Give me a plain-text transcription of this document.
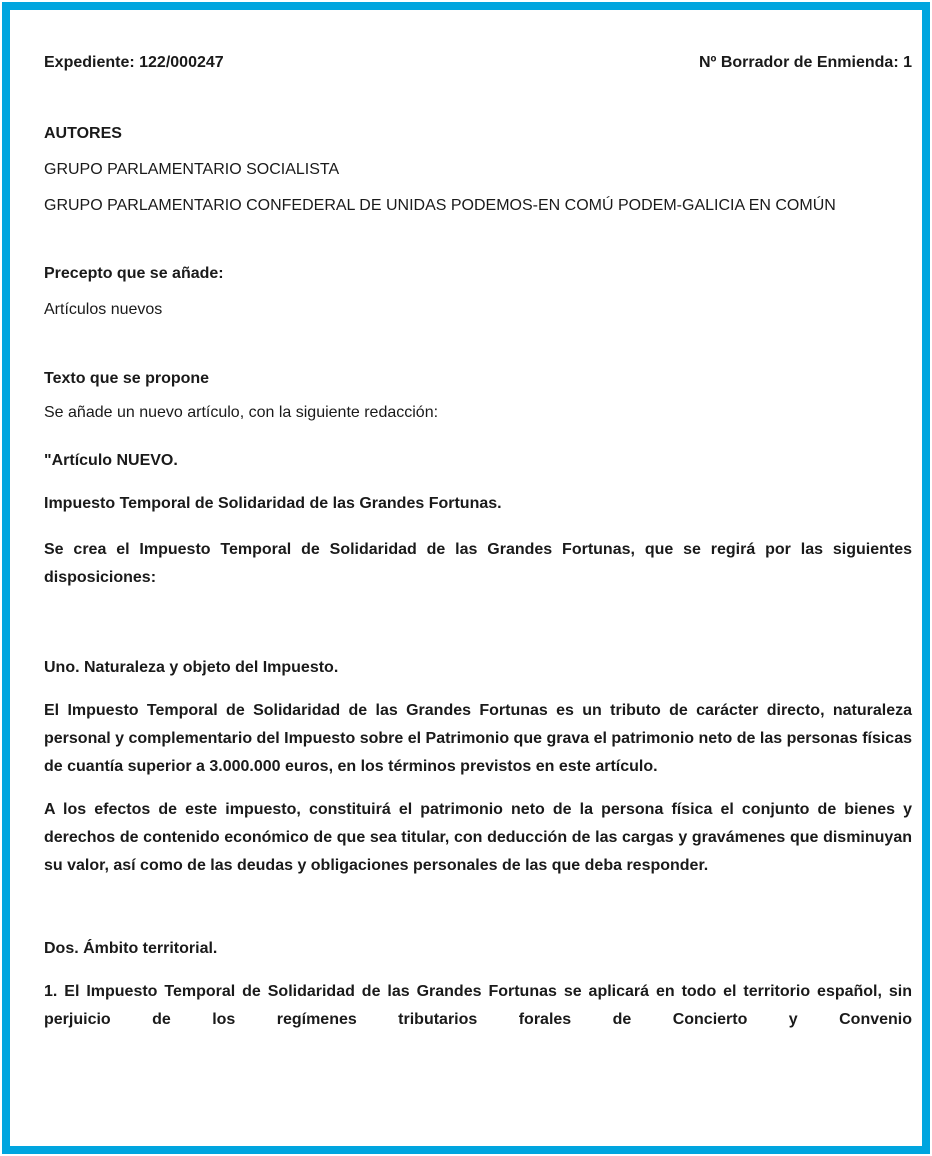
Expediente: 122/000247	Nº Borrador de Enmienda: 1
AUTORES
GRUPO PARLAMENTARIO SOCIALISTA
GRUPO PARLAMENTARIO CONFEDERAL DE UNIDAS PODEMOS-EN COMÚ PODEM-GALICIA EN COMÚN
Precepto que se añade:
Artículos nuevos
Texto que se propone
Se añade un nuevo artículo, con la siguiente redacción:
"Artículo NUEVO.
Impuesto Temporal de Solidaridad de las Grandes Fortunas.
Se crea el Impuesto Temporal de Solidaridad de las Grandes Fortunas, que se regirá por las siguientes disposiciones:
Uno. Naturaleza y objeto del Impuesto.
El Impuesto Temporal de Solidaridad de las Grandes Fortunas es un tributo de carácter directo, naturaleza personal y complementario del Impuesto sobre el Patrimonio que grava el patrimonio neto de las personas físicas de cuantía superior a 3.000.000 euros, en los términos previstos en este artículo.
A los efectos de este impuesto, constituirá el patrimonio neto de la persona física el conjunto de bienes y derechos de contenido económico de que sea titular, con deducción de las cargas y gravámenes que disminuyan su valor, así como de las deudas y obligaciones personales de las que deba responder.
Dos. Ámbito territorial.
1. El Impuesto Temporal de Solidaridad de las Grandes Fortunas se aplicará en todo el territorio español, sin perjuicio de los regímenes tributarios forales de Concierto y Convenio
